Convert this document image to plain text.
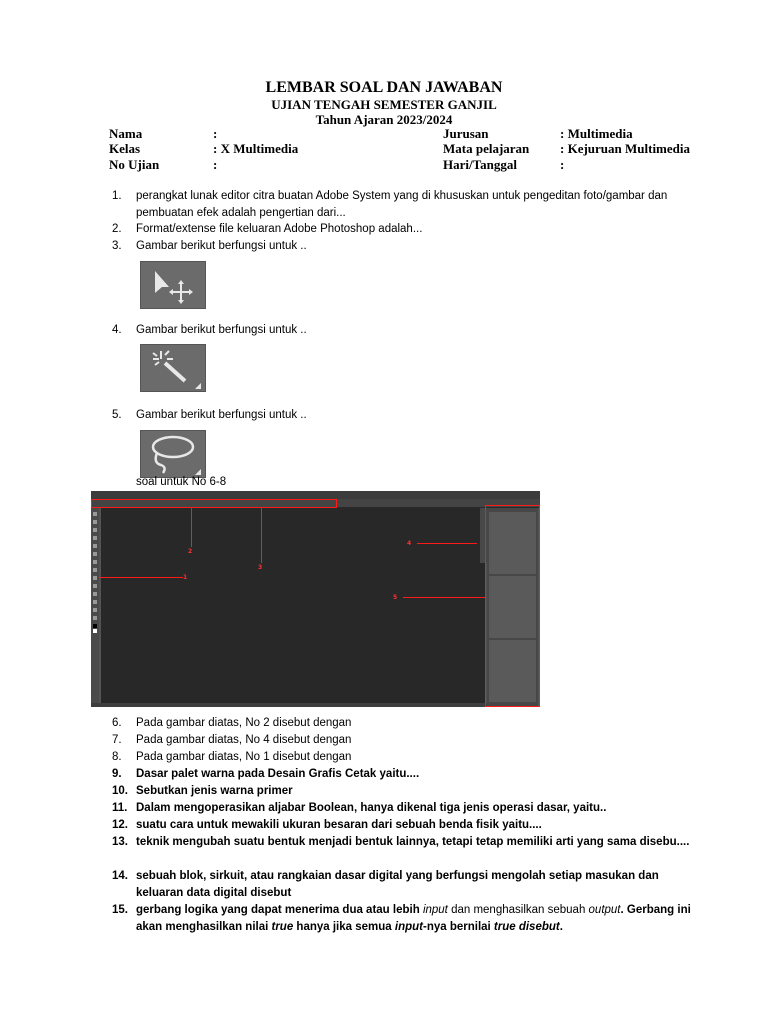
LEMBAR SOAL DAN JAWABAN
UJIAN TENGAH SEMESTER GANJIL
Tahun Ajaran 2023/2024
Nama	:
Kelas	: X Multimedia
No Ujian	:
Jurusan	: Multimedia
Mata pelajaran : Kejuruan Multimedia
Hari/Tanggal	:
1.	perangkat lunak editor citra buatan Adobe System yang di khususkan untuk pengeditan foto/gambar dan pembuatan efek adalah pengertian dari...
2.	Format/extense file keluaran Adobe Photoshop adalah...
3.	Gambar berikut berfungsi untuk ..
4.	Gambar berikut berfungsi untuk ..
5.	Gambar berikut berfungsi untuk ..
soal untuk No 6-8
1
2
3
4
5
6.	Pada gambar diatas, No 2 disebut dengan
7.	Pada gambar diatas, No 4 disebut dengan
8.	Pada gambar diatas, No 1 disebut dengan
9.	Dasar palet warna pada Desain Grafis Cetak yaitu....
10. Sebutkan jenis warna primer
11. Dalam mengoperasikan aljabar Boolean, hanya dikenal tiga jenis operasi dasar, yaitu..
12. suatu cara untuk mewakili ukuran besaran dari sebuah benda fisik yaitu....
13. teknik mengubah suatu bentuk menjadi bentuk lainnya, tetapi tetap memiliki arti yang sama disebu....
14. sebuah blok, sirkuit, atau rangkaian dasar digital yang berfungsi mengolah setiap masukan dan keluaran data digital disebut
15. gerbang logika yang dapat menerima dua atau lebih input dan menghasilkan sebuah output. Gerbang ini akan menghasilkan nilai true hanya jika semua input-nya bernilai true disebut.
